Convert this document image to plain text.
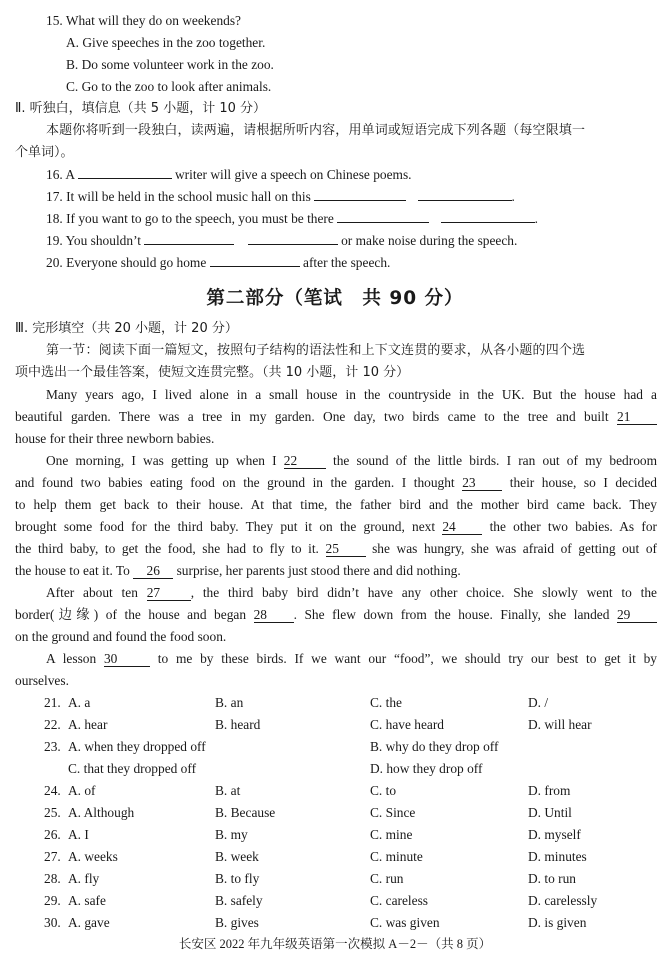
15. What will they do on weekends?
A. Give speeches in the zoo together.
B. Do some volunteer work in the zoo.
C. Go to the zoo to look after animals.
Ⅱ. 听独白，填信息（共 5 小题，计 10 分）
本题你将听到一段独白，读两遍，请根据所听内容，用单词或短语完成下列各题（每空限填一
个单词）。
16. A	writer will give a speech on Chinese poems.
17. It will be held in the school music hall on this	.
18. If you want to go to the speech, you must be there	.
19. You shouldn’t	or make noise during the speech.
20. Everyone should go home	after the speech.
第二部分（笔试　共 90 分）
Ⅲ. 完形填空（共 20 小题，计 20 分）
第一节：阅读下面一篇短文，按照句子结构的语法性和上下文连贯的要求，从各小题的四个选
项中选出一个最佳答案，使短文连贯完整。（共 10 小题，计 10 分）
Many years ago, I lived alone in a small house in the countryside in the UK. But the house had a
beautiful garden. There was a tree in my garden. One day, two birds came to the tree and built 21
house for their three newborn babies.
One morning, I was getting up when I 22	the sound of the little birds. I ran out of my bedroom
and found two babies eating food on the ground in the garden. I thought 23	their house, so I decided
to help them get back to their house. At that time, the father bird and the mother bird came back. They
brought some food for the third baby. They put it on the ground, next 24	the other two babies. As for
the third baby, to get the food, she had to fly to it. 25 she was hungry, she was afraid of getting out of
the house to eat it. To 26 surprise, her parents just stood there and did nothing.
After about ten 27 , the third baby bird didn’t have any other choice. She slowly went to the
border(边缘) of the house and began 28 . She flew down from the house. Finally, she landed 29
on the ground and found the food soon.
A lesson 30	to me by these birds. If we want our “food”, we should try our best to get it by
ourselves.
21. A. a	B. an	C. the	D. /
22. A. hear	B. heard	C. have heard	D. will hear
24. A. of	B. at	C. to	D. from
25. A. Although	B. Because	C. Since	D. Until
26. A. I	B. my	C. mine	D. myself
27. A. weeks	B. week	C. minute	D. minutes
28. A. fly	B. to fly	C. run	D. to run
29. A. safe	B. safely	C. careless	D. carelessly
30. A. gave	B. gives	C. was given	D. is given
23. A. when they dropped off	B. why do they drop off
C. that they dropped off	D. how they drop off
长安区 2022 年九年级英语第一次模拟 A－2－（共 8 页）
